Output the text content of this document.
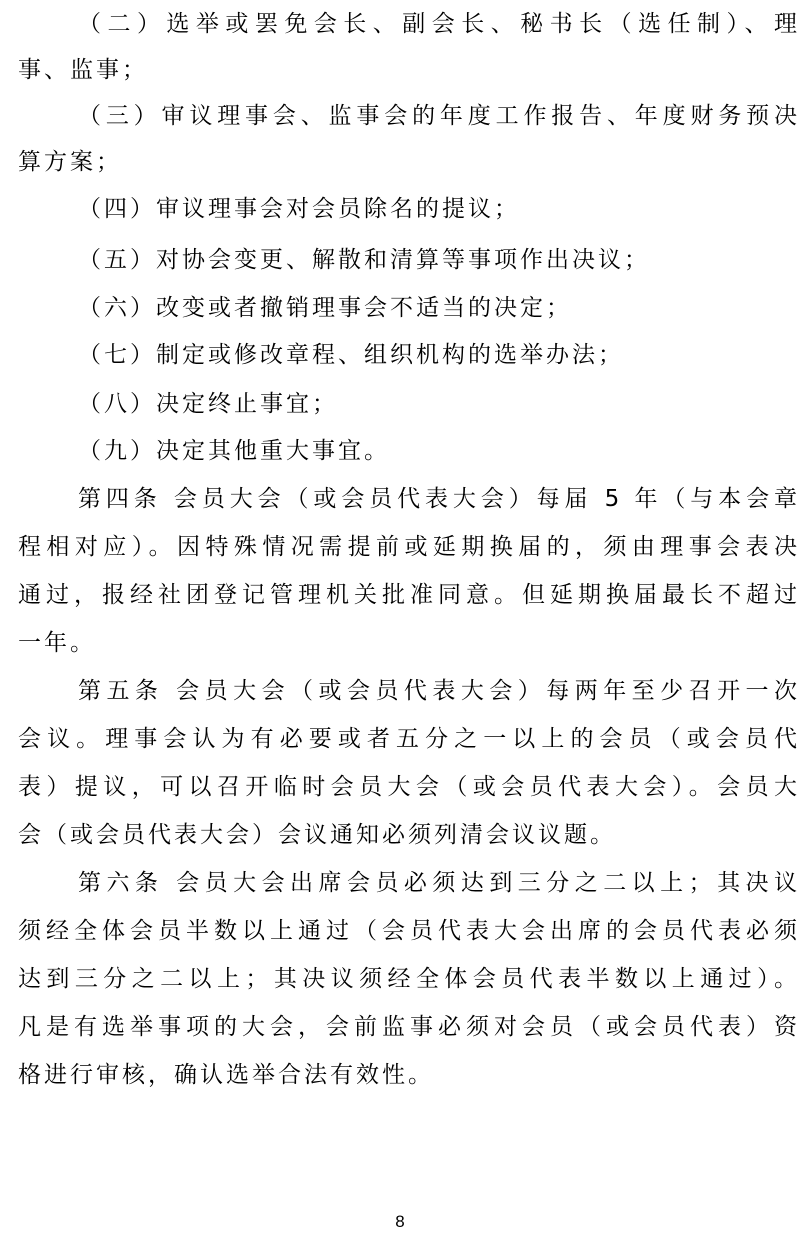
（二）选举或罢免会长、副会长、秘书长（选任制）、理
事、监事；
（三）审议理事会、监事会的年度工作报告、年度财务预决
算方案；
（四）审议理事会对会员除名的提议；
（五）对协会变更、解散和清算等事项作出决议；
（六）改变或者撤销理事会不适当的决定；
（七）制定或修改章程、组织机构的选举办法；
（八）决定终止事宜；
（九）决定其他重大事宜。
第四条 会员大会（或会员代表大会）每届 5 年（与本会章
程相对应）。因特殊情况需提前或延期换届的，须由理事会表决
通过，报经社团登记管理机关批准同意。但延期换届最长不超过
一年。
第五条 会员大会（或会员代表大会）每两年至少召开一次
会议。理事会认为有必要或者五分之一以上的会员（或会员代
表）提议，可以召开临时会员大会（或会员代表大会）。会员大
会（或会员代表大会）会议通知必须列清会议议题。
第六条 会员大会出席会员必须达到三分之二以上；其决议
须经全体会员半数以上通过（会员代表大会出席的会员代表必须
达到三分之二以上；其决议须经全体会员代表半数以上通过）。
凡是有选举事项的大会，会前监事必须对会员（或会员代表）资
格进行审核，确认选举合法有效性。
8
